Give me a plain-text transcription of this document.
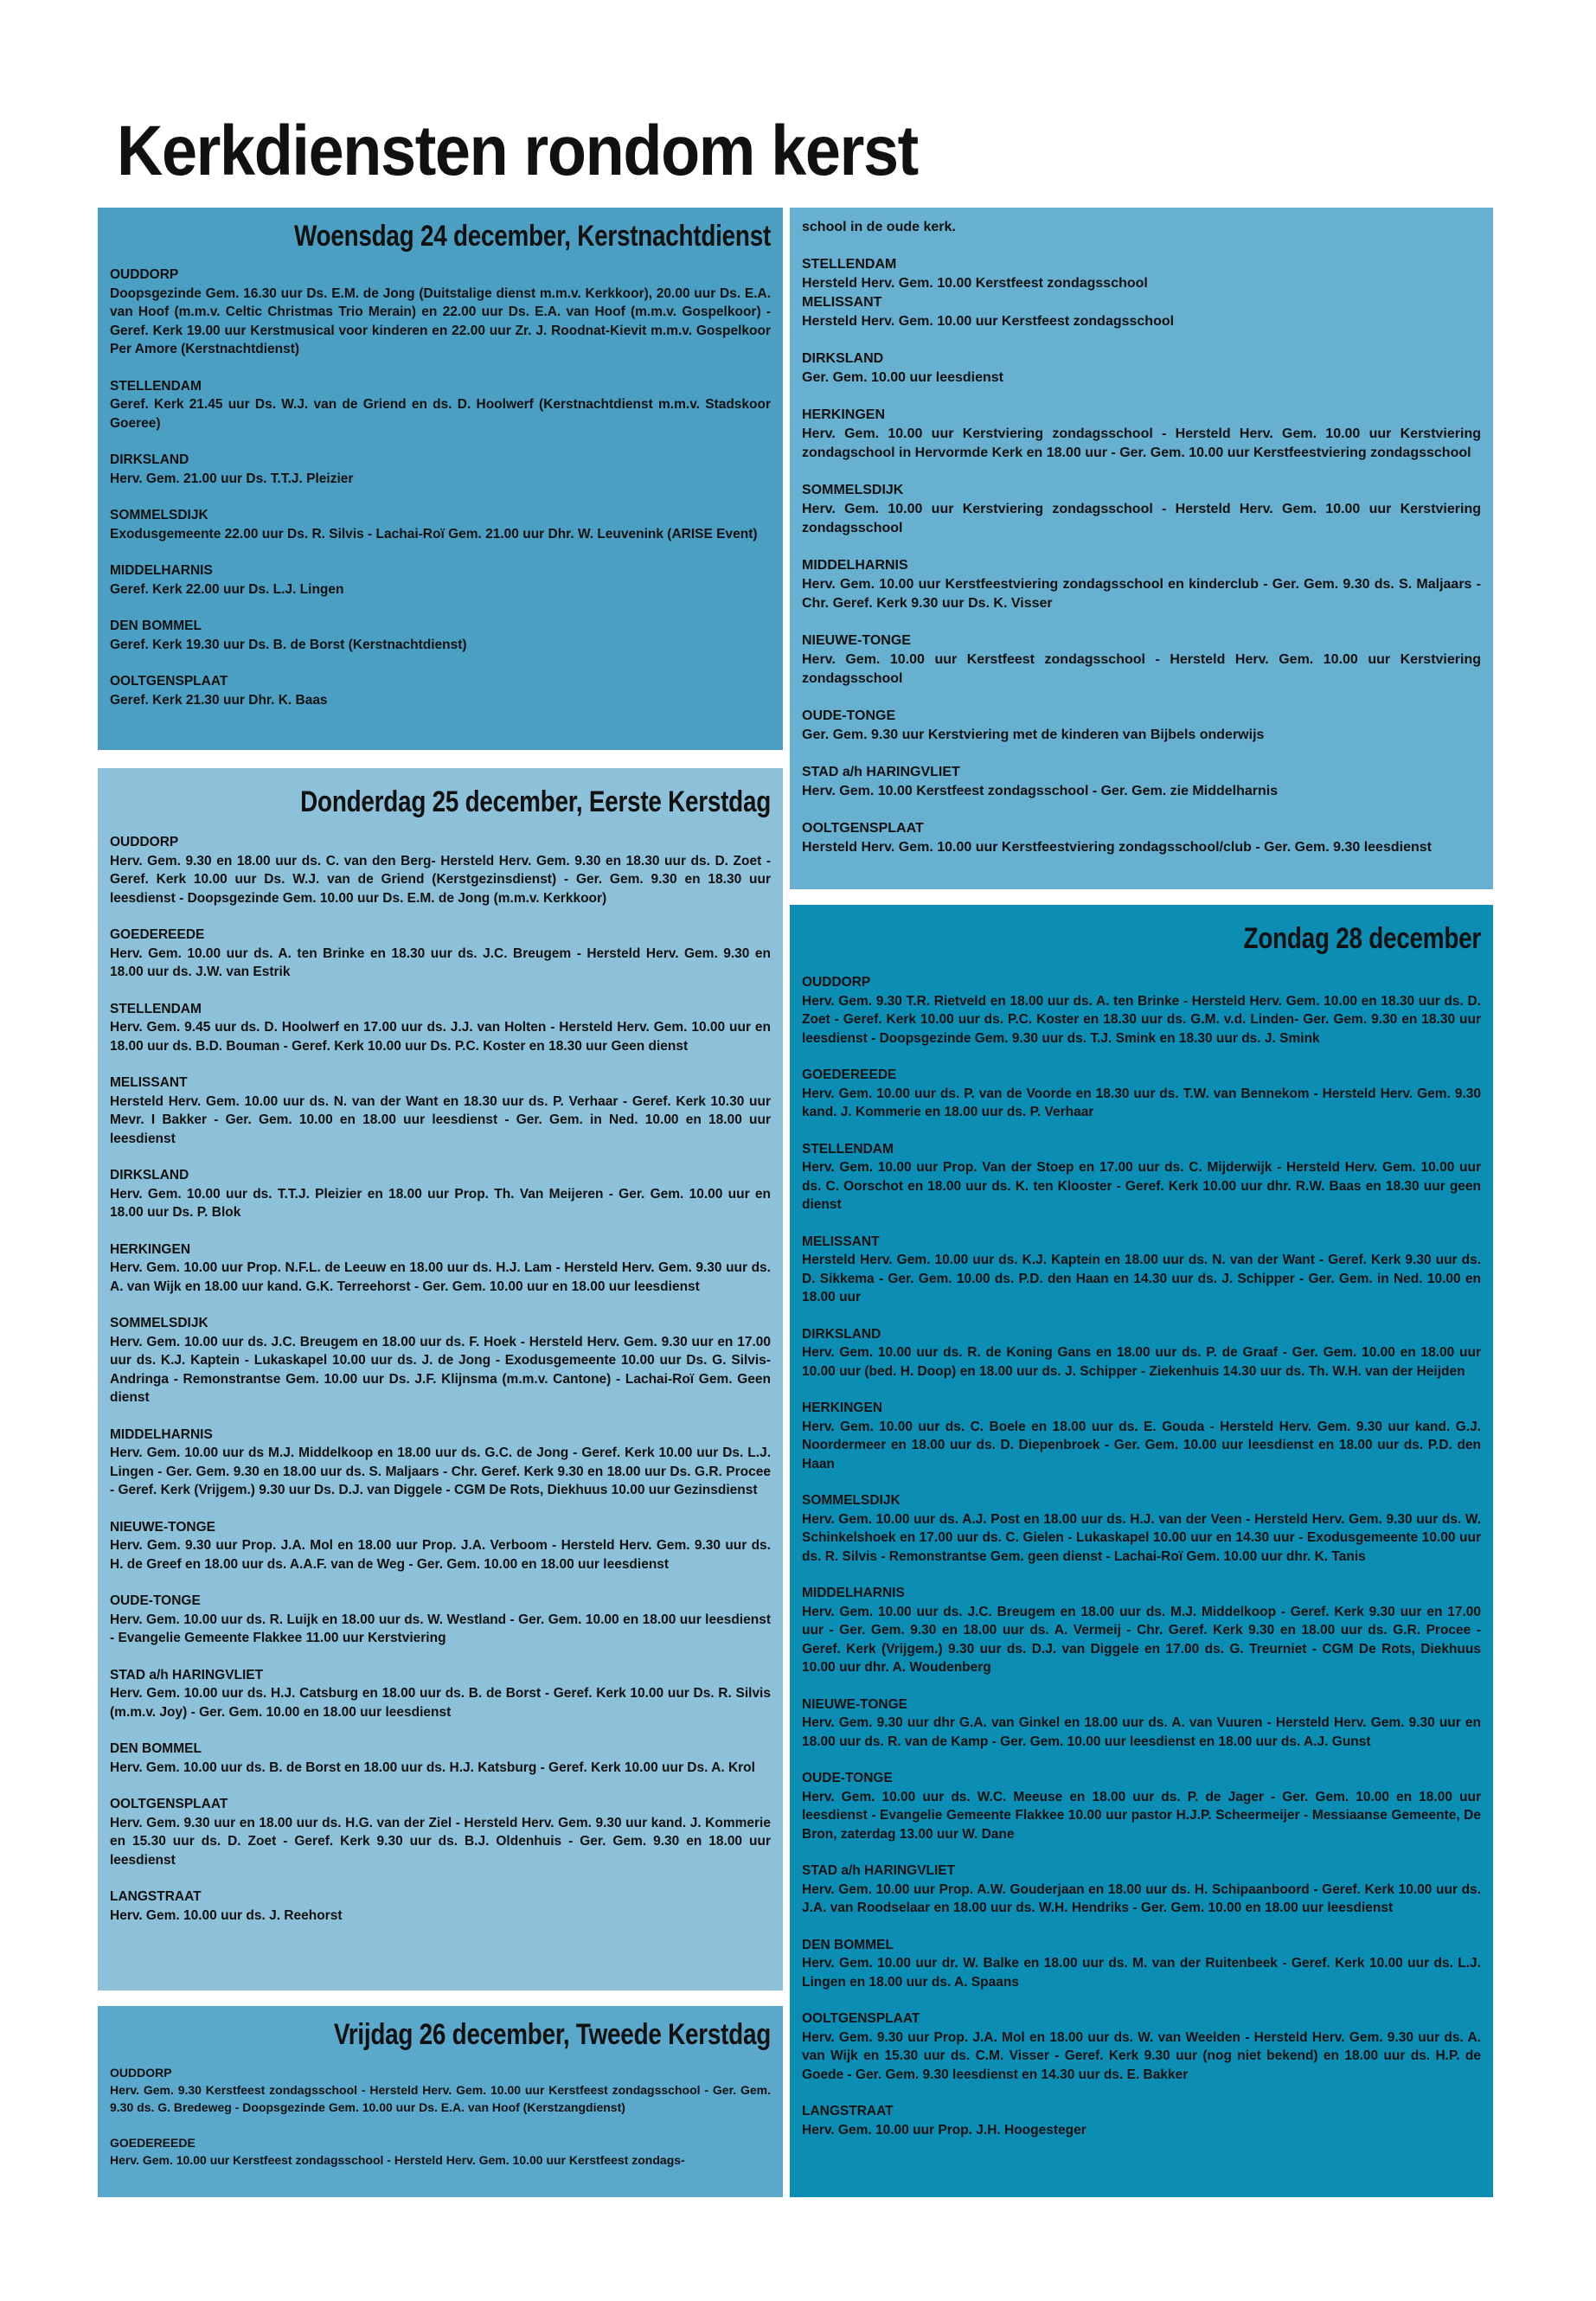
Kerkdiensten rondom kerst
Woensdag 24 december, Kerstnachtdienst
OUDDORP
Doopsgezinde Gem. 16.30 uur Ds. E.M. de Jong (Duitstalige dienst m.m.v. Kerkkoor), 20.00 uur Ds. E.A. van Hoof (m.m.v. Celtic Christmas Trio Merain) en 22.00 uur Ds. E.A. van Hoof (m.m.v. Gospelkoor) - Geref. Kerk 19.00 uur Kerstmusical voor kinderen en 22.00 uur Zr. J. Roodnat-Kievit m.m.v. Gospelkoor Per Amore (Kerstnachtdienst)
STELLENDAM
Geref. Kerk 21.45 uur Ds. W.J. van de Griend en ds. D. Hoolwerf (Kerstnachtdienst m.m.v. Stadskoor Goeree)
DIRKSLAND
Herv. Gem. 21.00 uur Ds. T.T.J. Pleizier
SOMMELSDIJK
Exodusgemeente 22.00 uur Ds. R. Silvis - Lachai-Roï Gem. 21.00 uur Dhr. W. Leuvenink (ARISE Event)
MIDDELHARNIS
Geref. Kerk 22.00 uur Ds. L.J. Lingen
DEN BOMMEL
Geref. Kerk 19.30 uur Ds. B. de Borst (Kerstnachtdienst)
OOLTGENSPLAAT
Geref. Kerk 21.30 uur Dhr. K. Baas
Donderdag 25 december, Eerste Kerstdag
OUDDORP
Herv. Gem. 9.30 en 18.00 uur ds. C. van den Berg- Hersteld Herv. Gem. 9.30 en 18.30 uur ds. D. Zoet - Geref. Kerk 10.00 uur Ds. W.J. van de Griend (Kerstgezinsdienst) - Ger. Gem. 9.30 en 18.30 uur leesdienst - Doopsgezinde Gem. 10.00 uur Ds. E.M. de Jong (m.m.v. Kerkkoor)
GOEDEREEDE
Herv. Gem. 10.00 uur ds. A. ten Brinke en 18.30 uur ds. J.C. Breugem - Hersteld Herv. Gem. 9.30 en 18.00 uur ds. J.W. van Estrik
STELLENDAM
Herv. Gem. 9.45 uur ds. D. Hoolwerf en 17.00 uur ds. J.J. van Holten - Hersteld Herv. Gem. 10.00 uur en 18.00 uur ds. B.D. Bouman - Geref. Kerk 10.00 uur Ds. P.C. Koster en 18.30 uur Geen dienst
MELISSANT
Hersteld Herv. Gem. 10.00 uur ds. N. van der Want en 18.30 uur ds. P. Verhaar - Geref. Kerk 10.30 uur Mevr. I Bakker - Ger. Gem. 10.00 en 18.00 uur leesdienst - Ger. Gem. in Ned. 10.00 en 18.00 uur leesdienst
DIRKSLAND
Herv. Gem. 10.00 uur ds. T.T.J. Pleizier en 18.00 uur Prop. Th. Van Meijeren - Ger. Gem. 10.00 uur en 18.00 uur Ds. P. Blok
HERKINGEN
Herv. Gem. 10.00 uur Prop. N.F.L. de Leeuw en 18.00 uur ds. H.J. Lam - Hersteld Herv. Gem. 9.30 uur ds. A. van Wijk en 18.00 uur kand. G.K. Terreehorst - Ger. Gem. 10.00 uur en 18.00 uur leesdienst
SOMMELSDIJK
Herv. Gem. 10.00 uur ds. J.C. Breugem en 18.00 uur ds. F. Hoek - Hersteld Herv. Gem. 9.30 uur en 17.00 uur ds. K.J. Kaptein - Lukaskapel 10.00 uur ds. J. de Jong - Exodusgemeente 10.00 uur Ds. G. Silvis-Andringa - Remonstrantse Gem. 10.00 uur Ds. J.F. Klijnsma (m.m.v. Cantone) - Lachai-Roï Gem. Geen dienst
MIDDELHARNIS
Herv. Gem. 10.00 uur ds M.J. Middelkoop en 18.00 uur ds. G.C. de Jong - Geref. Kerk 10.00 uur Ds. L.J. Lingen - Ger. Gem. 9.30 en 18.00 uur ds. S. Maljaars - Chr. Geref. Kerk 9.30 en 18.00 uur Ds. G.R. Procee - Geref. Kerk (Vrijgem.) 9.30 uur Ds. D.J. van Diggele - CGM De Rots, Diekhuus 10.00 uur Gezinsdienst
NIEUWE-TONGE
Herv. Gem. 9.30 uur Prop. J.A. Mol en 18.00 uur Prop. J.A. Verboom - Hersteld Herv. Gem. 9.30 uur ds. H. de Greef en 18.00 uur ds. A.A.F. van de Weg - Ger. Gem. 10.00 en 18.00 uur leesdienst
OUDE-TONGE
Herv. Gem. 10.00 uur ds. R. Luijk en 18.00 uur ds. W. Westland - Ger. Gem. 10.00 en 18.00 uur leesdienst - Evangelie Gemeente Flakkee 11.00 uur Kerstviering
STAD a/h HARINGVLIET
Herv. Gem. 10.00 uur ds. H.J. Catsburg en 18.00 uur ds. B. de Borst - Geref. Kerk 10.00 uur Ds. R. Silvis (m.m.v. Joy) - Ger. Gem. 10.00 en 18.00 uur leesdienst
DEN BOMMEL
Herv. Gem. 10.00 uur ds. B. de Borst en 18.00 uur ds. H.J. Katsburg - Geref. Kerk 10.00 uur Ds. A. Krol
OOLTGENSPLAAT
Herv. Gem. 9.30 uur en 18.00 uur ds. H.G. van der Ziel - Hersteld Herv. Gem. 9.30 uur kand. J. Kommerie en 15.30 uur ds. D. Zoet - Geref. Kerk 9.30 uur ds. B.J. Oldenhuis - Ger. Gem. 9.30 en 18.00 uur leesdienst
LANGSTRAAT
Herv. Gem. 10.00 uur ds. J. Reehorst
Vrijdag 26 december, Tweede Kerstdag
OUDDORP
Herv. Gem. 9.30 Kerstfeest zondagsschool - Hersteld Herv. Gem. 10.00 uur Kerstfeest zondagsschool - Ger. Gem. 9.30 ds. G. Bredeweg - Doopsgezinde Gem. 10.00 uur Ds. E.A. van Hoof (Kerstzangdienst)
GOEDEREEDE
Herv. Gem. 10.00 uur Kerstfeest zondagsschool - Hersteld Herv. Gem. 10.00 uur Kerstfeest zondags-
school in de oude kerk.
STELLENDAM
Hersteld Herv. Gem. 10.00 Kerstfeest zondagsschool
MELISSANT
Hersteld Herv. Gem. 10.00 uur Kerstfeest zondagsschool
DIRKSLAND
Ger. Gem. 10.00 uur leesdienst
HERKINGEN
Herv. Gem. 10.00 uur Kerstviering zondagsschool - Hersteld Herv. Gem. 10.00 uur Kerstviering zondagschool in Hervormde Kerk en 18.00 uur - Ger. Gem. 10.00 uur Kerstfeestviering zondagsschool
SOMMELSDIJK
Herv. Gem. 10.00 uur Kerstviering zondagsschool - Hersteld Herv. Gem. 10.00 uur Kerstviering zondagsschool
MIDDELHARNIS
Herv. Gem. 10.00 uur Kerstfeestviering zondagsschool en kinderclub - Ger. Gem. 9.30 ds. S. Maljaars - Chr. Geref. Kerk 9.30 uur Ds. K. Visser
NIEUWE-TONGE
Herv. Gem. 10.00 uur Kerstfeest zondagsschool - Hersteld Herv. Gem. 10.00 uur Kerstviering zondagsschool
OUDE-TONGE
Ger. Gem. 9.30 uur Kerstviering met de kinderen van Bijbels onderwijs
STAD a/h HARINGVLIET
Herv. Gem. 10.00 Kerstfeest zondagsschool - Ger. Gem. zie Middelharnis
OOLTGENSPLAAT
Hersteld Herv. Gem. 10.00 uur Kerstfeestviering zondagsschool/club - Ger. Gem. 9.30 leesdienst
Zondag 28 december
OUDDORP
Herv. Gem. 9.30 T.R. Rietveld en 18.00 uur ds. A. ten Brinke - Hersteld Herv. Gem. 10.00 en 18.30 uur ds. D. Zoet - Geref. Kerk 10.00 uur ds. P.C. Koster en 18.30 uur ds. G.M. v.d. Linden- Ger. Gem. 9.30 en 18.30 uur leesdienst - Doopsgezinde Gem. 9.30 uur ds. T.J. Smink en 18.30 uur ds. J. Smink
GOEDEREEDE
Herv. Gem. 10.00 uur ds. P. van de Voorde en 18.30 uur ds. T.W. van Bennekom - Hersteld Herv. Gem. 9.30 kand. J. Kommerie en 18.00 uur ds. P. Verhaar
STELLENDAM
Herv. Gem. 10.00 uur Prop. Van der Stoep en 17.00 uur ds. C. Mijderwijk - Hersteld Herv. Gem. 10.00 uur ds. C. Oorschot en 18.00 uur ds. K. ten Klooster - Geref. Kerk 10.00 uur dhr. R.W. Baas en 18.30 uur geen dienst
MELISSANT
Hersteld Herv. Gem. 10.00 uur ds. K.J. Kaptein en 18.00 uur ds. N. van der Want - Geref. Kerk 9.30 uur ds. D. Sikkema - Ger. Gem. 10.00 ds. P.D. den Haan en 14.30 uur ds. J. Schipper - Ger. Gem. in Ned. 10.00 en 18.00 uur
DIRKSLAND
Herv. Gem. 10.00 uur ds. R. de Koning Gans en 18.00 uur ds. P. de Graaf - Ger. Gem. 10.00 en 18.00 uur 10.00 uur (bed. H. Doop) en 18.00 uur ds. J. Schipper - Ziekenhuis 14.30 uur ds. Th. W.H. van der Heijden
HERKINGEN
Herv. Gem. 10.00 uur ds. C. Boele en 18.00 uur ds. E. Gouda - Hersteld Herv. Gem. 9.30 uur kand. G.J. Noordermeer en 18.00 uur ds. D. Diepenbroek - Ger. Gem. 10.00 uur leesdienst en 18.00 uur ds. P.D. den Haan
SOMMELSDIJK
Herv. Gem. 10.00 uur ds. A.J. Post en 18.00 uur ds. H.J. van der Veen - Hersteld Herv. Gem. 9.30 uur ds. W. Schinkelshoek en 17.00 uur ds. C. Gielen - Lukaskapel 10.00 uur en 14.30 uur - Exodusgemeente 10.00 uur ds. R. Silvis - Remonstrantse Gem. geen dienst - Lachai-Roï Gem. 10.00 uur dhr. K. Tanis
MIDDELHARNIS
Herv. Gem. 10.00 uur ds. J.C. Breugem en 18.00 uur ds. M.J. Middelkoop - Geref. Kerk 9.30 uur en 17.00 uur - Ger. Gem. 9.30 en 18.00 uur ds. A. Vermeij - Chr. Geref. Kerk 9.30 en 18.00 uur ds. G.R. Procee - Geref. Kerk (Vrijgem.) 9.30 uur ds. D.J. van Diggele en 17.00 ds. G. Treurniet - CGM De Rots, Diekhuus 10.00 uur dhr. A. Woudenberg
NIEUWE-TONGE
Herv. Gem. 9.30 uur dhr G.A. van Ginkel en 18.00 uur ds. A. van Vuuren - Hersteld Herv. Gem. 9.30 uur en 18.00 uur ds. R. van de Kamp - Ger. Gem. 10.00 uur leesdienst en 18.00 uur ds. A.J. Gunst
OUDE-TONGE
Herv. Gem. 10.00 uur ds. W.C. Meeuse en 18.00 uur ds. P. de Jager - Ger. Gem. 10.00 en 18.00 uur leesdienst - Evangelie Gemeente Flakkee 10.00 uur pastor H.J.P. Scheermeijer - Messiaanse Gemeente, De Bron, zaterdag 13.00 uur W. Dane
STAD a/h HARINGVLIET
Herv. Gem. 10.00 uur Prop. A.W. Gouderjaan en 18.00 uur ds. H. Schipaanboord - Geref. Kerk 10.00 uur ds. J.A. van Roodselaar en 18.00 uur ds. W.H. Hendriks - Ger. Gem. 10.00 en 18.00 uur leesdienst
DEN BOMMEL
Herv. Gem. 10.00 uur dr. W. Balke en 18.00 uur ds. M. van der Ruitenbeek - Geref. Kerk 10.00 uur ds. L.J. Lingen en 18.00 uur ds. A. Spaans
OOLTGENSPLAAT
Herv. Gem. 9.30 uur Prop. J.A. Mol en 18.00 uur ds. W. van Weelden - Hersteld Herv. Gem. 9.30 uur ds. A. van Wijk en 15.30 uur ds. C.M. Visser - Geref. Kerk 9.30 uur (nog niet bekend) en 18.00 uur ds. H.P. de Goede - Ger. Gem. 9.30 leesdienst en 14.30 uur ds. E. Bakker
LANGSTRAAT
Herv. Gem. 10.00 uur Prop. J.H. Hoogesteger
